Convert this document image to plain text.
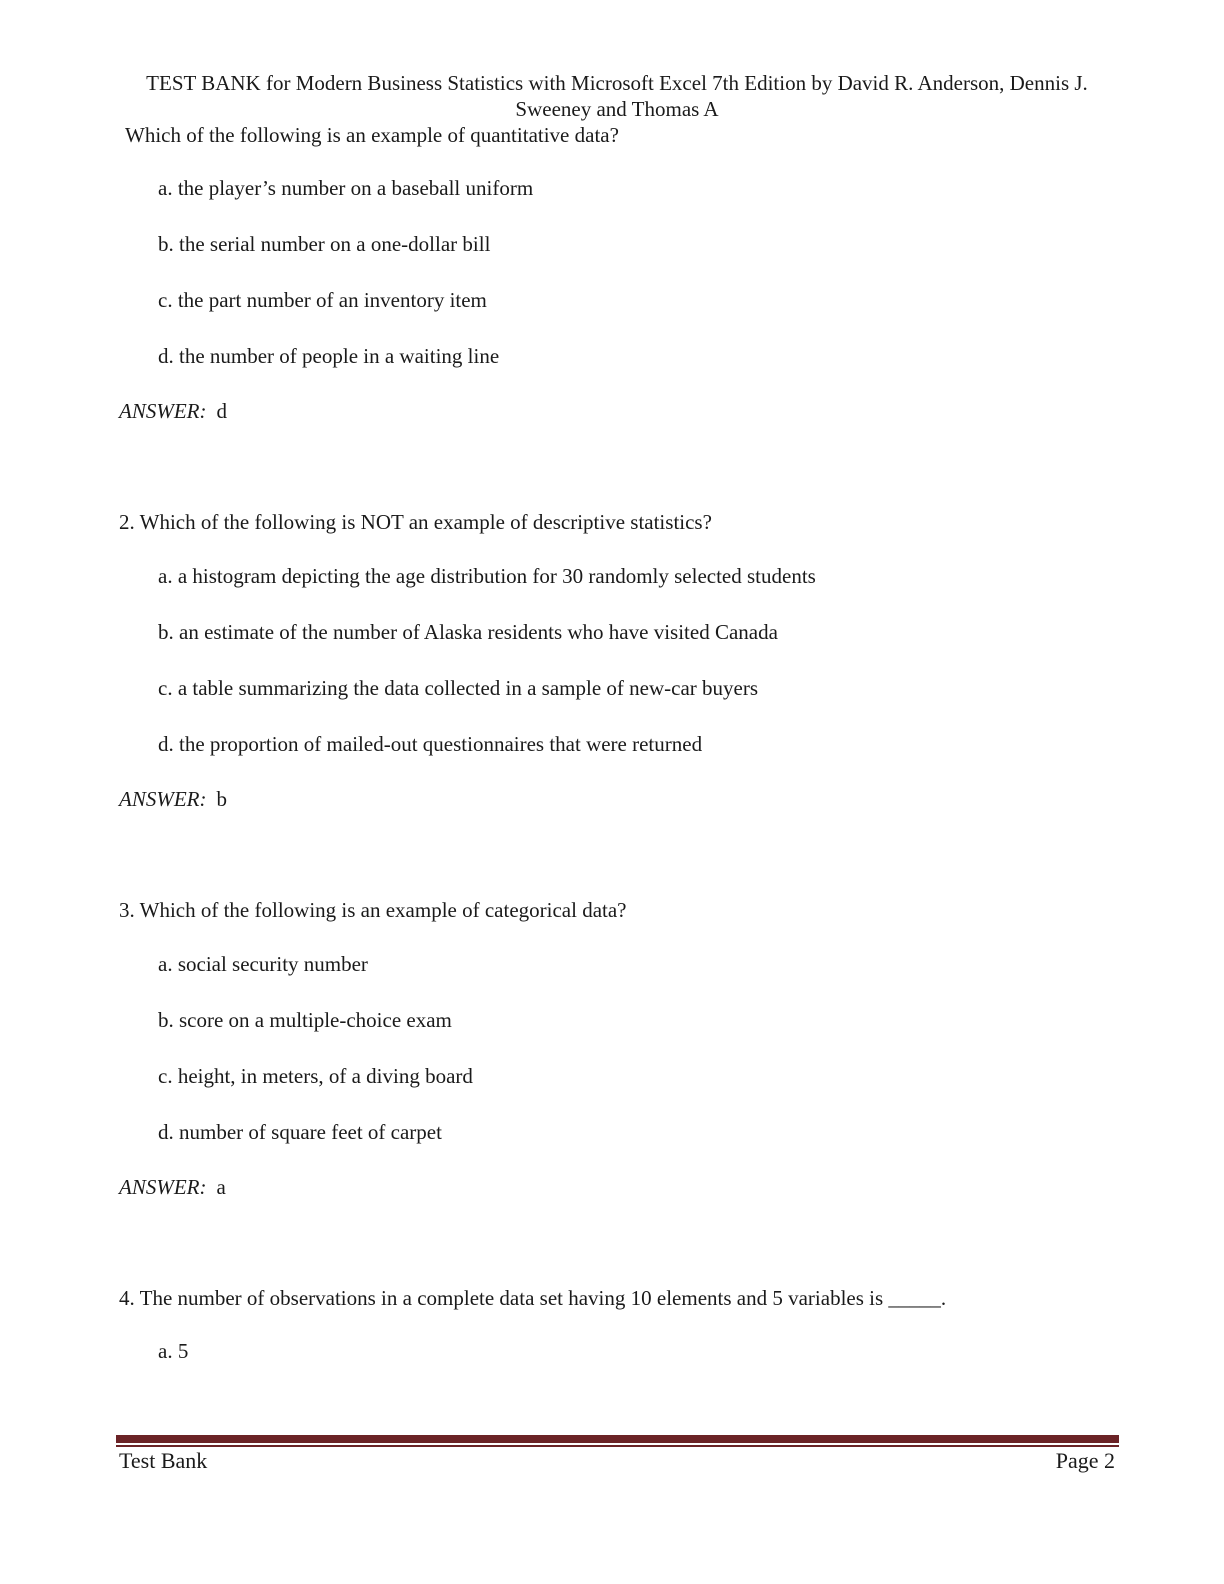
TEST BANK for Modern Business Statistics with Microsoft Excel 7th Edition by David R. Anderson, Dennis J. Sweeney and Thomas A
Which of the following is an example of quantitative data?
a. the player’s number on a baseball uniform
b. the serial number on a one-dollar bill
c. the part number of an inventory item
d. the number of people in a waiting line
ANSWER: d
2. Which of the following is NOT an example of descriptive statistics?
a. a histogram depicting the age distribution for 30 randomly selected students
b. an estimate of the number of Alaska residents who have visited Canada
c. a table summarizing the data collected in a sample of new-car buyers
d. the proportion of mailed-out questionnaires that were returned
ANSWER: b
3. Which of the following is an example of categorical data?
a. social security number
b. score on a multiple-choice exam
c. height, in meters, of a diving board
d. number of square feet of carpet
ANSWER: a
4. The number of observations in a complete data set having 10 elements and 5 variables is _____.
a. 5
Test Bank	Page 2
